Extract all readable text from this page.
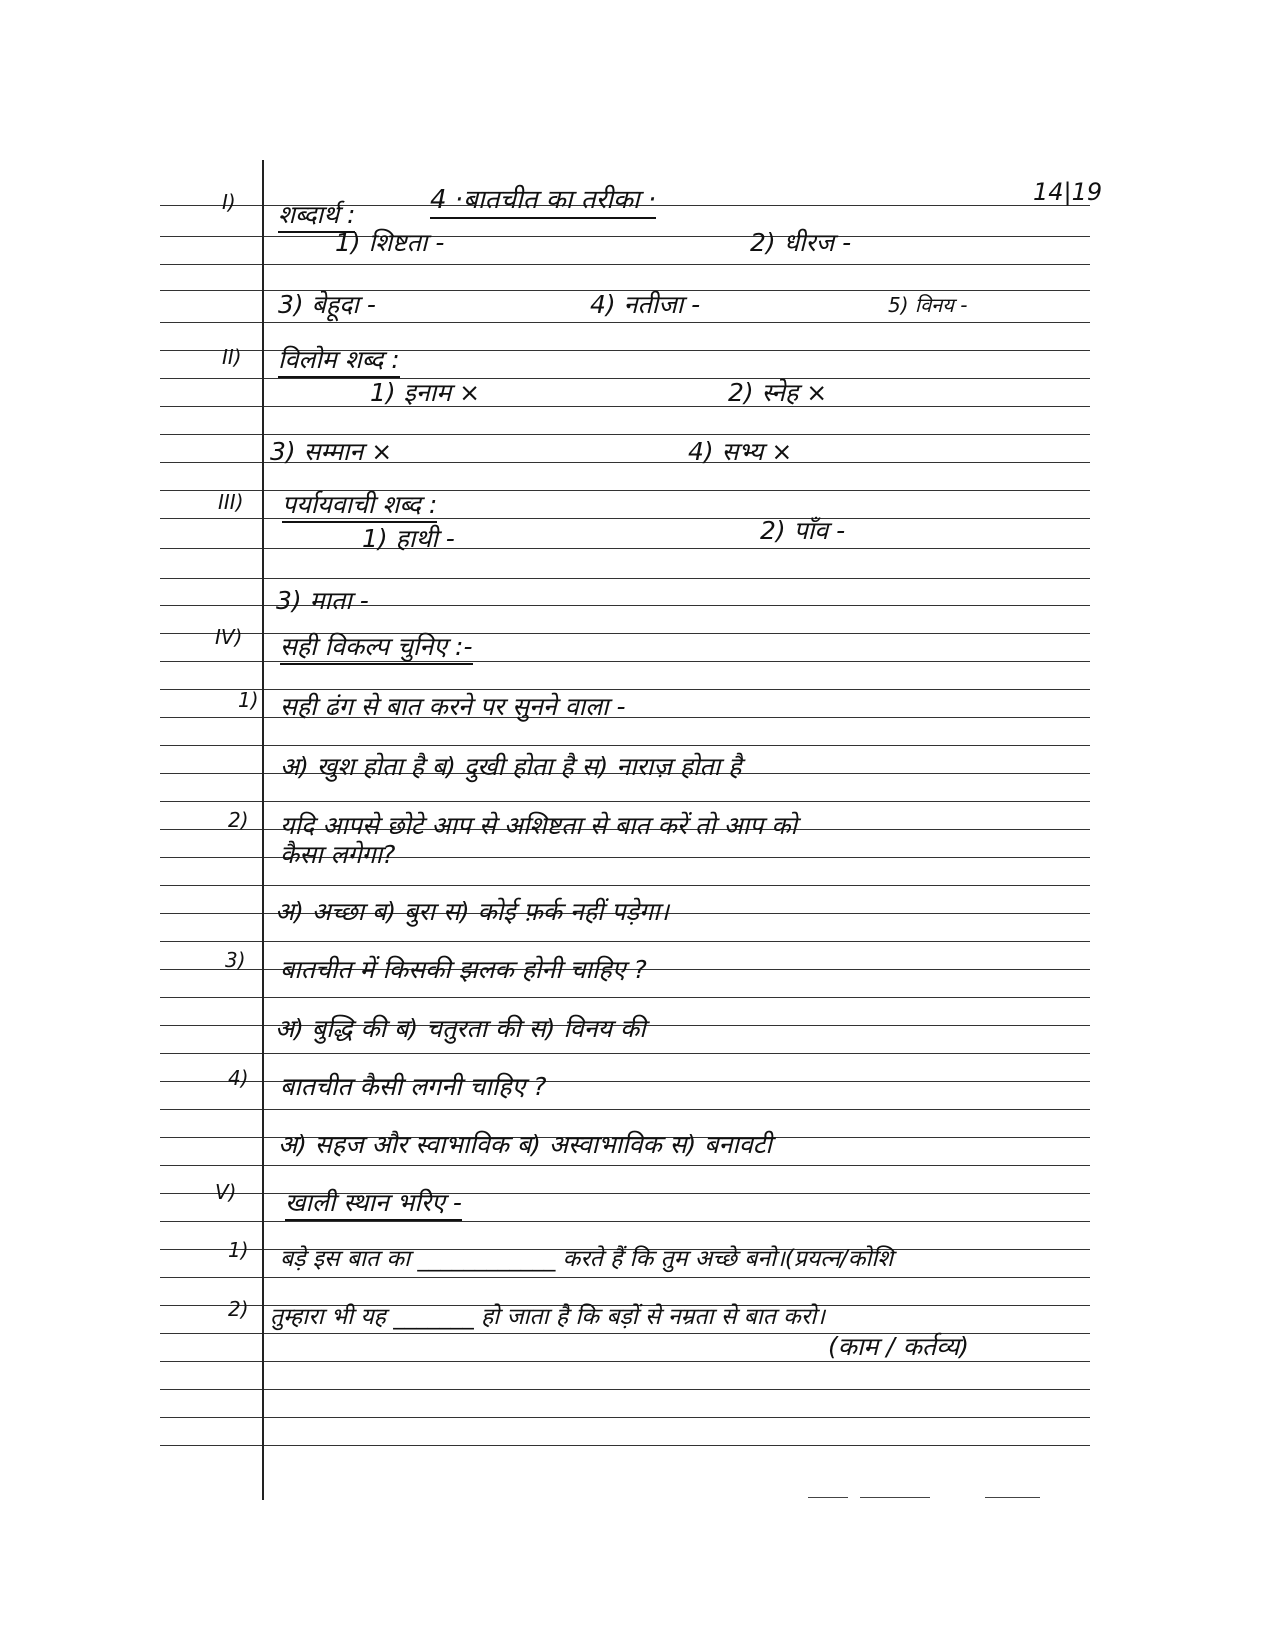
4 ·बातचीत का तरीका ·	14|19
I) शब्दार्थ :
1) शिष्टता -	2) धीरज -
3) बेहूदा -	4) नतीजा -	5) विनय -
II) विलोम शब्द :
1) इनाम ×	2) स्नेह ×
3) सम्मान ×	4) सभ्य ×
III) पर्यायवाची शब्द :
1) हाथी -	2) पाँव -
3) माता -
IV) सही विकल्प चुनिए :-
1) सही ढंग से बात करने पर सुनने वाला -
अ) खुश होता है ब) दुखी होता है स) नाराज़ होता है
2) यदि आपसे छोटे आप से अशिष्टता से बात करें तो आप को
कैसा लगेगा?
अ) अच्छा ब) बुरा स) कोई फ़र्क नहीं पड़ेगा।
3) बातचीत में किसकी झलक होनी चाहिए ?
अ) बुद्धि की ब) चतुरता की स) विनय की
4) बातचीत कैसी लगनी चाहिए ?
अ) सहज और स्वाभाविक ब) अस्वाभाविक स) बनावटी
V) खाली स्थान भरिए -
1) बड़े इस बात का ____________ करते हैं कि तुम अच्छे बनो।(प्रयत्न/कोशि
2) तुम्हारा भी यह _______ हो जाता है कि बड़ों से नम्रता से बात करो।
(काम / कर्तव्य)
